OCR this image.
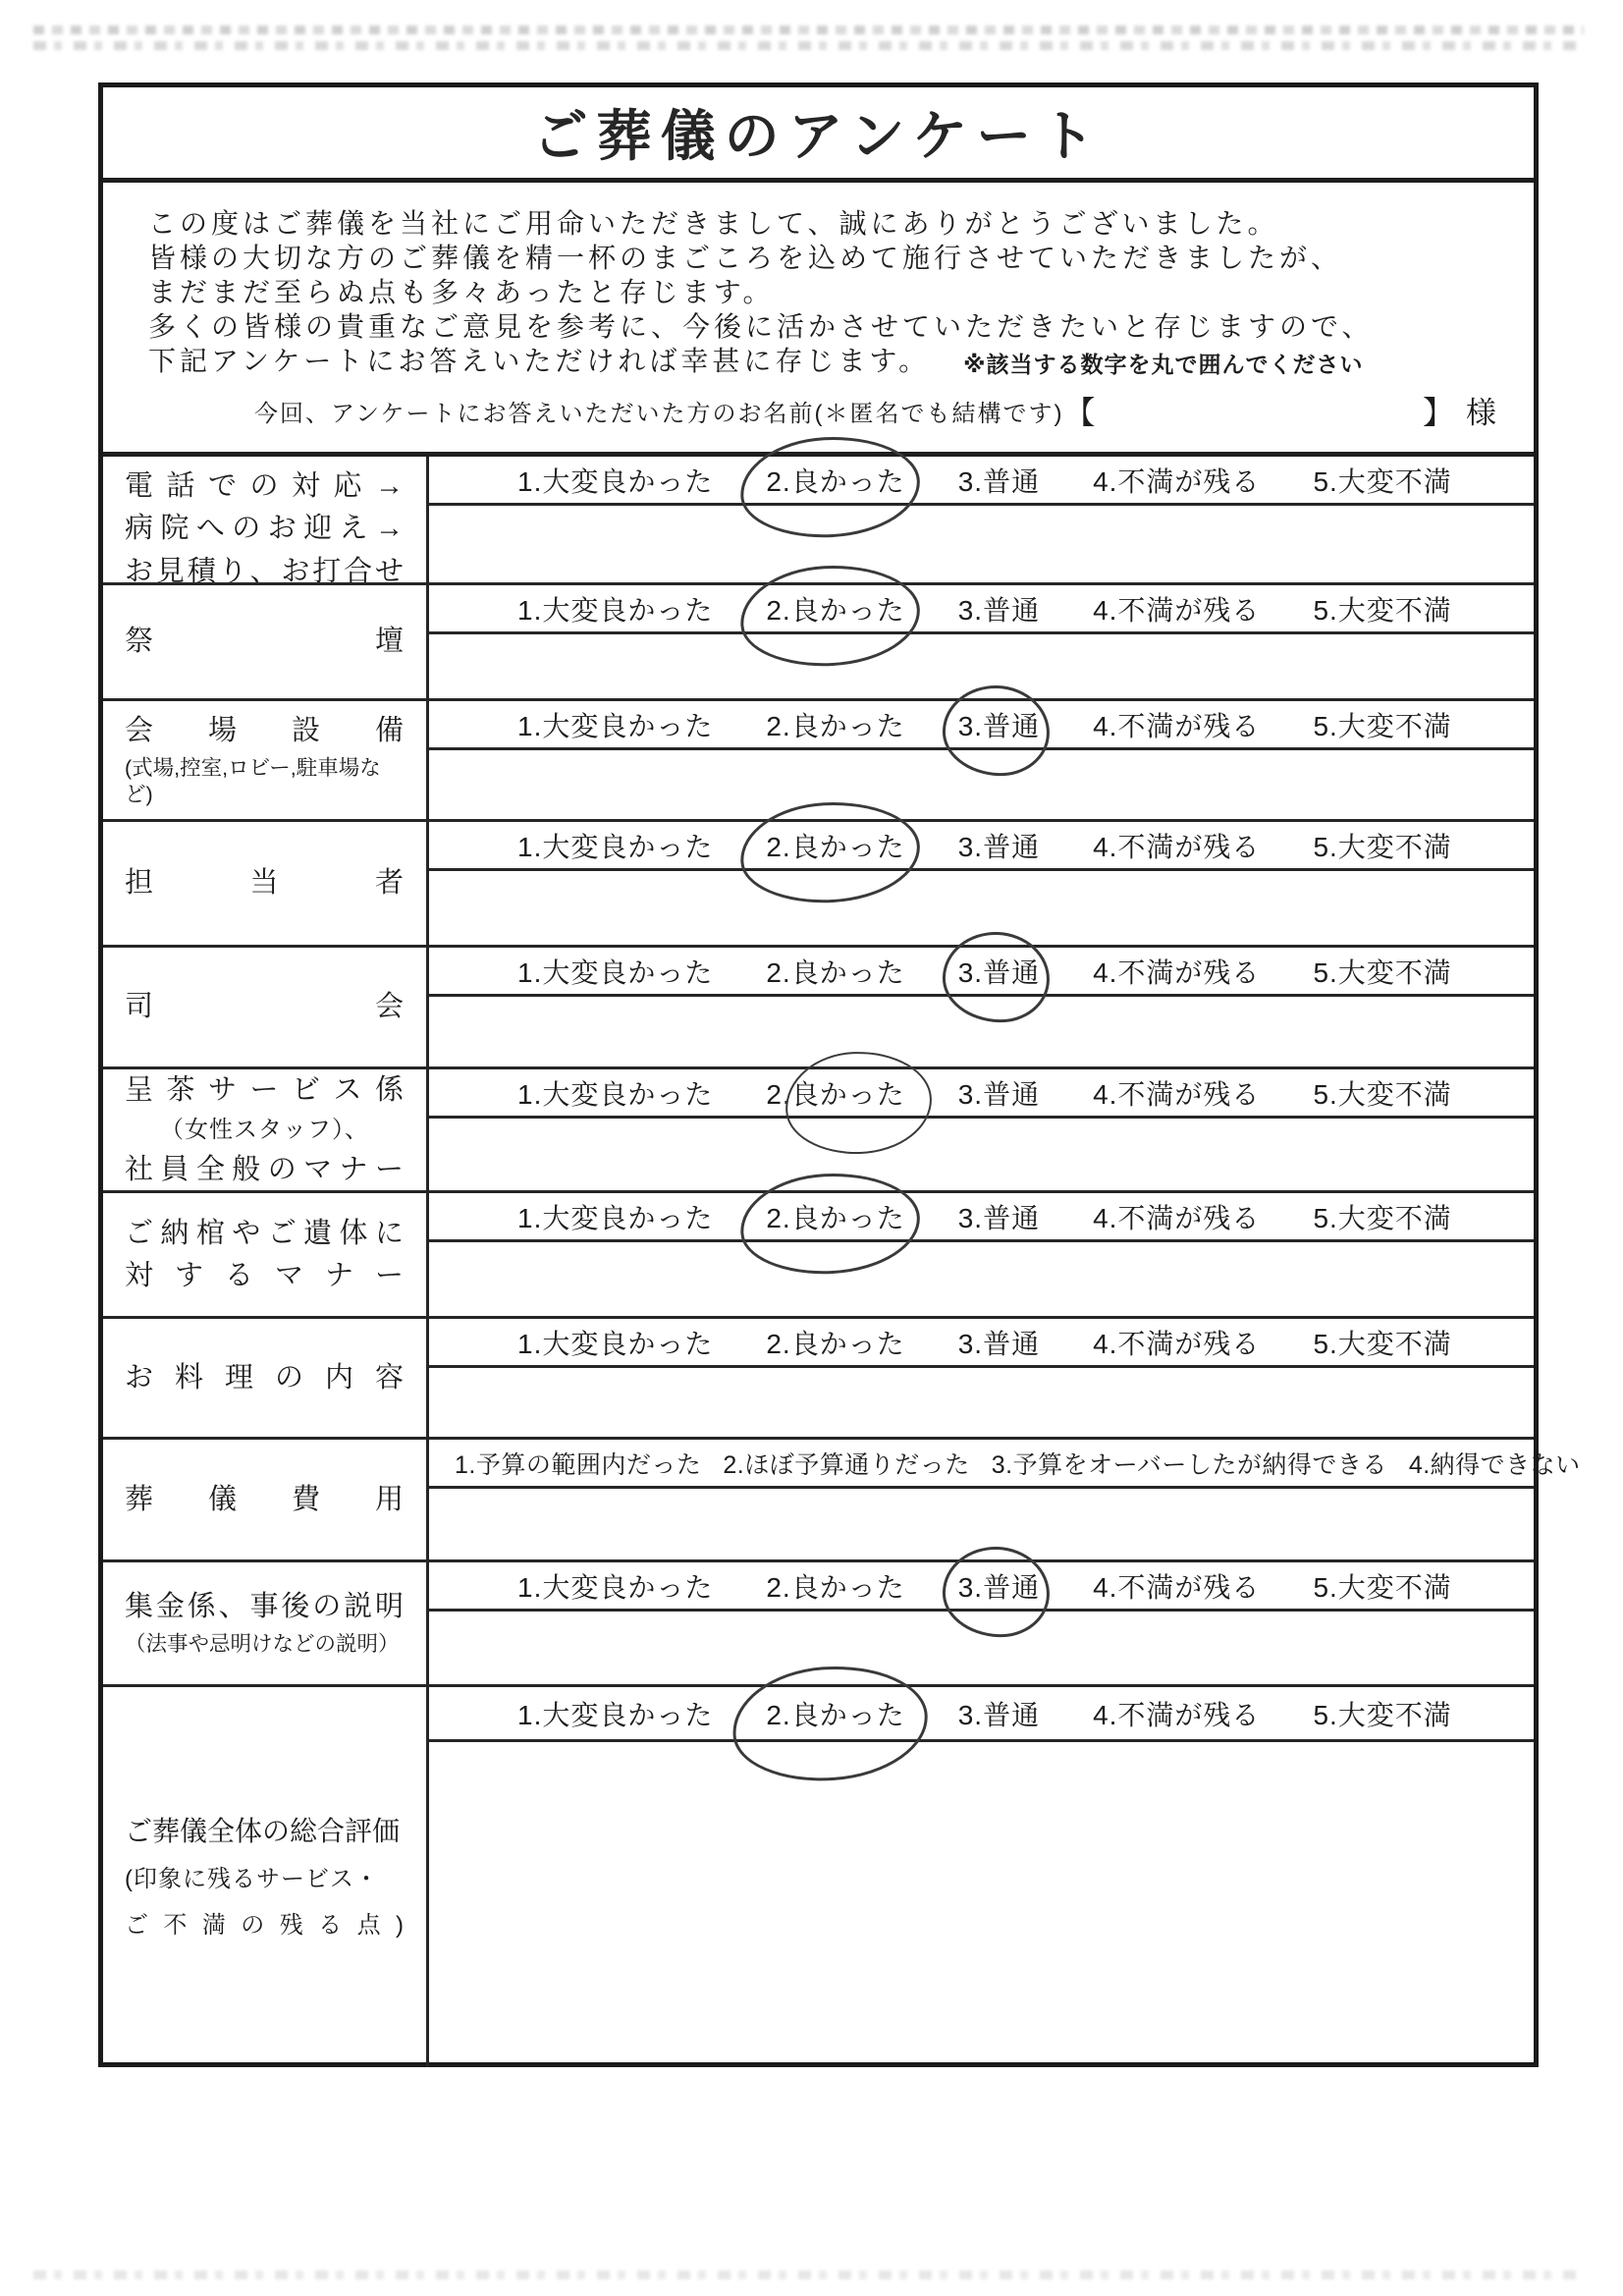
ご葬儀のアンケート
この度はご葬儀を当社にご用命いただきまして、誠にありがとうございました。
皆様の大切な方のご葬儀を精一杯のまごころを込めて施行させていただきましたが、
まだまだ至らぬ点も多々あったと存じます。
多くの皆様の貴重なご意見を参考に、今後に活かさせていただきたいと存じますので、
下記アンケートにお答えいただければ幸甚に存じます。 ※該当する数字を丸で囲んでください
今回、アンケートにお答えいただいた方のお名前(＊匿名でも結構です) 【	】 様
電話での対応→
病院へのお迎え→
お見積り、お打合せ
1.大変良かった 2.良かった 3.普通 4.不満が残る 5.大変不満
祭壇
1.大変良かった 2.良かった 3.普通 4.不満が残る 5.大変不満
会場設備
(式場,控室,ロビー,駐車場など)
1.大変良かった 2.良かった 3.普通 4.不満が残る 5.大変不満
担当者
1.大変良かった 2.良かった 3.普通 4.不満が残る 5.大変不満
司会
1.大変良かった 2.良かった 3.普通 4.不満が残る 5.大変不満
呈茶サービス係
（女性スタッフ）、
社員全般のマナー
1.大変良かった 2.良かった 3.普通 4.不満が残る 5.大変不満
ご納棺やご遺体に
対するマナー
1.大変良かった 2.良かった 3.普通 4.不満が残る 5.大変不満
お料理の内容
1.大変良かった 2.良かった 3.普通 4.不満が残る 5.大変不満
葬儀費用
1.予算の範囲内だった 2.ほぼ予算通りだった 3.予算をオーバーしたが納得できる 4.納得できない
集金係、事後の説明
（法事や忌明けなどの説明）
1.大変良かった 2.良かった 3.普通 4.不満が残る 5.大変不満
ご葬儀全体の総合評価
(印象に残るサービス・
ご不満の残る点)
1.大変良かった 2.良かった 3.普通 4.不満が残る 5.大変不満
